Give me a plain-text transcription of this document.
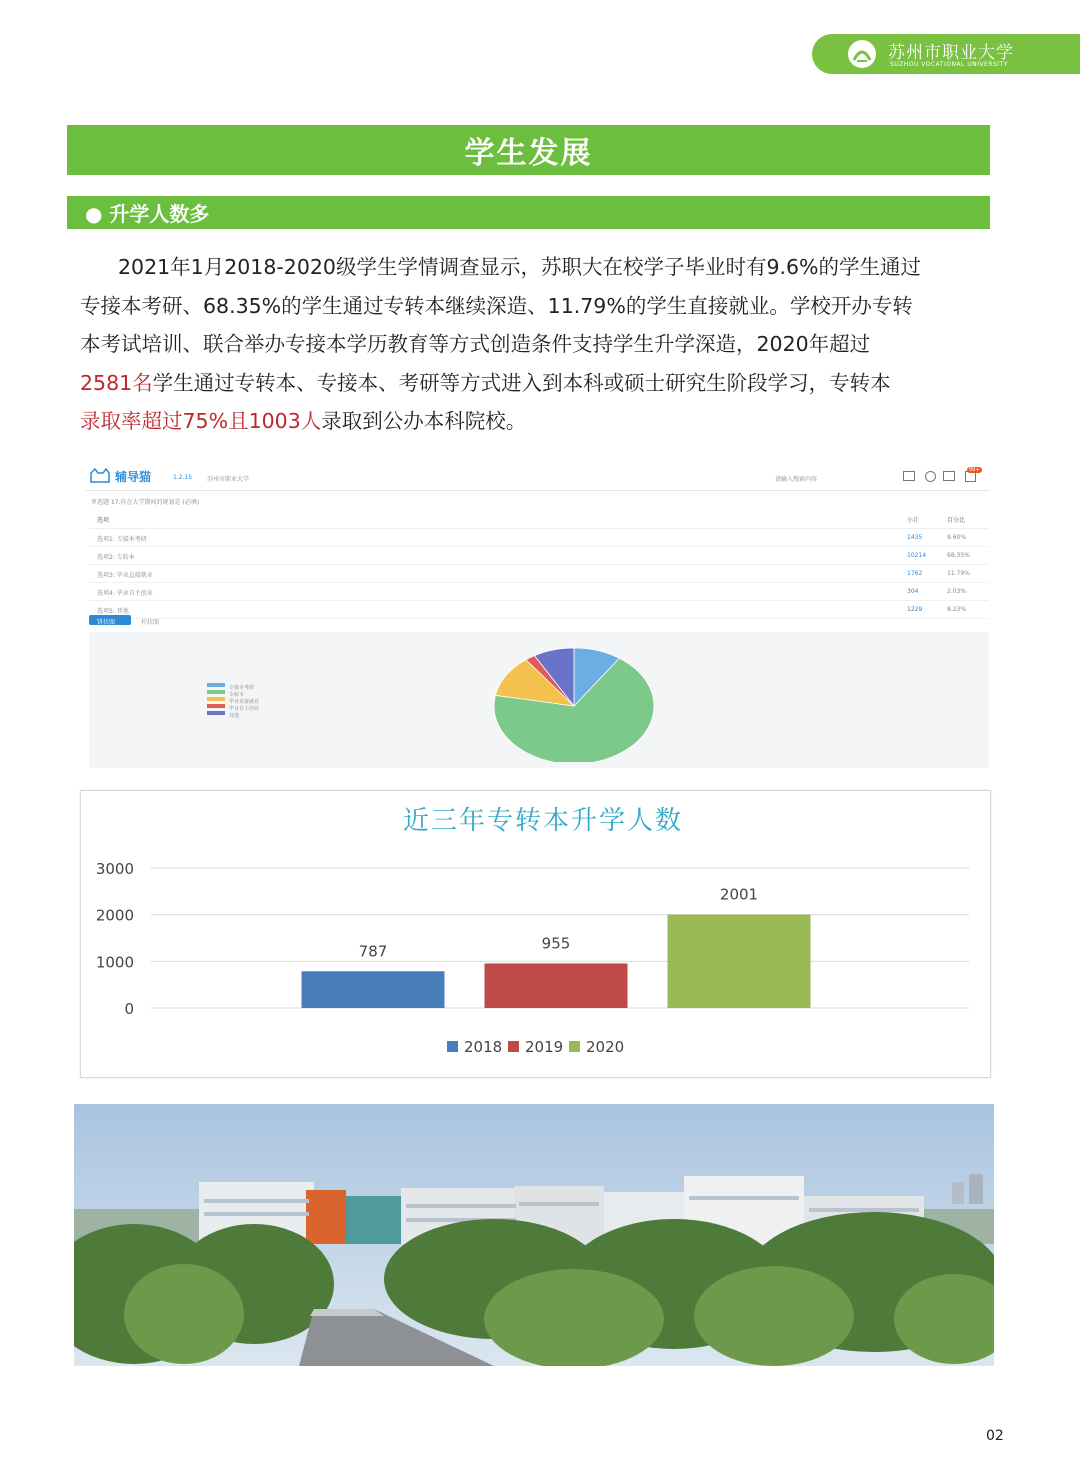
苏州市职业大学
SUZHOU VOCATIONAL UNIVERSITY
学生发展
● 升学人数多
2021年1月2018-2020级学生学情调查显示，苏职大在校学子毕业时有9.6%的学生通过
专接本考研、68.35%的学生通过专转本继续深造、11.79%的学生直接就业。学校开办专转
本考试培训、联合举办专接本学历教育等方式创造条件支持学生升学深造，2020年超过
2581名学生通过专转本、专接本、考研等方式进入到本科或硕士研究生阶段学习，专转本
录取率超过75%且1003人录取到公办本科院校。
辅导猫	1.2.15 苏州市职业大学	请输入搜索内容
99+
单选题 17.你在大学期间的规划是 (必填)
选项	小计	百分比
选项1: 专接本考研	1435	9.60%
选项2: 专转本	10214	68.35%
选项3: 毕业直接就业	1762	11.79%
选项4: 毕业自主创业	304	2.03%
选项5: 其他	1229	8.23%
饼状图	柱状图
专接本考研
专转本
毕业直接就业
毕业自主创业
其他
近三年专转本升学人数
0
1000
2000
3000
787	955
2001
2018 2019 2020
02
